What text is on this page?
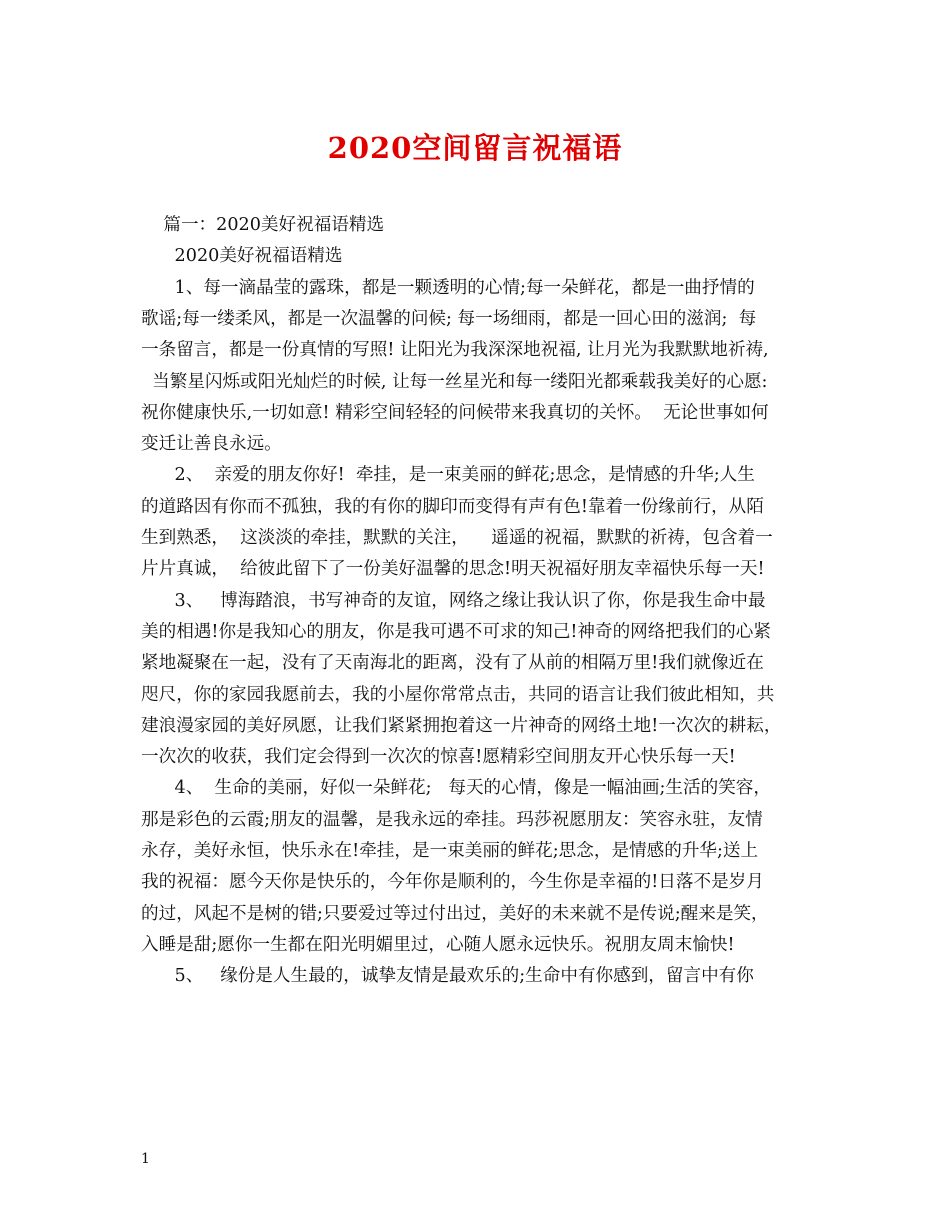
2020空间留言祝福语
篇一：2020美好祝福语精选
2020美好祝福语精选
1、每一滴晶莹的露珠，都是一颗透明的心情;每一朵鲜花，都是一曲抒情的
歌谣;每一缕柔风，都是一次温馨的问候; 每一场细雨，都是一回心田的滋润;  每
一条留言，都是一份真情的写照! 让阳光为我深深地祝福, 让月光为我默默地祈祷,
当繁星闪烁或阳光灿烂的时候, 让每一丝星光和每一缕阳光都乘载我美好的心愿:
祝你健康快乐,一切如意! 精彩空间轻轻的问候带来我真切的关怀。  无论世事如何
变迁让善良永远。
2、  亲爱的朋友你好!  牵挂，是一束美丽的鲜花;思念，是情感的升华;人生
的道路因有你而不孤独，我的有你的脚印而变得有声有色!靠着一份缘前行，从陌
生到熟悉，  这淡淡的牵挂，默默的关注，    遥遥的祝福，默默的祈祷，包含着一
片片真诚，  给彼此留下了一份美好温馨的思念!明天祝福好朋友幸福快乐每一天!
3、   博海踏浪，书写神奇的友谊，网络之缘让我认识了你，你是我生命中最
美的相遇!你是我知心的朋友，你是我可遇不可求的知己!神奇的网络把我们的心紧
紧地凝聚在一起，没有了天南海北的距离，没有了从前的相隔万里!我们就像近在
咫尺，你的家园我愿前去，我的小屋你常常点击，共同的语言让我们彼此相知，共
建浪漫家园的美好夙愿，让我们紧紧拥抱着这一片神奇的网络土地!一次次的耕耘，
一次次的收获，我们定会得到一次次的惊喜!愿精彩空间朋友开心快乐每一天!
4、  生命的美丽，好似一朵鲜花;   每天的心情，像是一幅油画;生活的笑容，
那是彩色的云霞;朋友的温馨，是我永远的牵挂。玛莎祝愿朋友：笑容永驻，友情
永存，美好永恒，快乐永在!牵挂，是一束美丽的鲜花;思念，是情感的升华;送上
我的祝福：愿今天你是快乐的，今年你是顺利的，今生你是幸福的!日落不是岁月
的过，风起不是树的错;只要爱过等过付出过，美好的未来就不是传说;醒来是笑，
入睡是甜;愿你一生都在阳光明媚里过，心随人愿永远快乐。祝朋友周末愉快!
5、   缘份是人生最的，诚挚友情是最欢乐的;生命中有你感到，留言中有你
1
